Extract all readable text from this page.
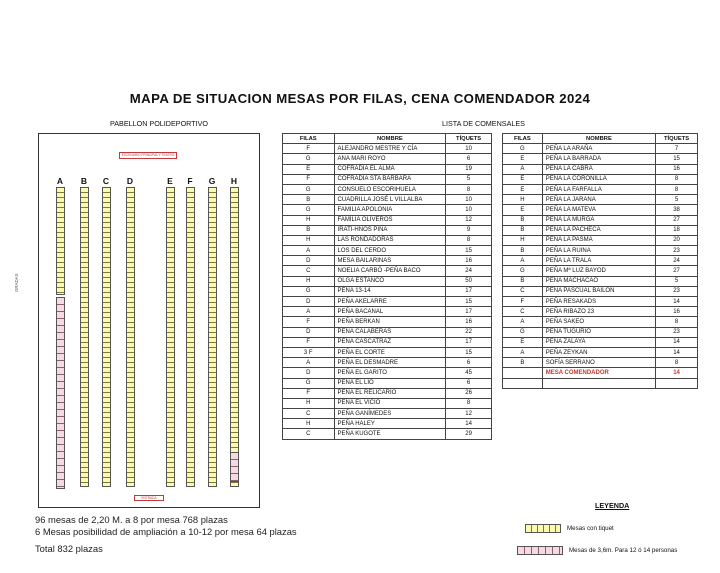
MAPA DE SITUACION MESAS POR FILAS, CENA COMENDADOR 2024
PABELLON POLIDEPORTIVO	LISTA DE COMENSALES
GRADAS
ESCENARIO PRINCIPAL Y TEATRO
ENTRADA
A	B	C	D	E	F	G	H
FILAS	NOMBRE	TÍQUETS
F	ALEJANDRO MESTRE Y CÍA	10
G	ANA MARI ROYO	6
E	COFRADÍA EL ALMA	19
F	COFRADÍA STA BÁRBARA	5
G	CONSUELO ESCORIHUELA	8
B	CUADRILLA JOSÉ L VILLALBA	10
G	FAMILIA APOLONIA	10
H	FAMILIA OLIVEROS	12
B	IRATI-HNOS PINA	9
H	LAS RONDADORAS	8
A	LOS DEL CERDO	15
D	MESA BAILARINAS	16
C	NOELIA CARBÓ -PEÑA BACO	24
H	OLGA ESTANCO	50
G	PEÑA 13-14	17
D	PEÑA AKELARRE	15
A	PEÑA BACANAL	17
F	PEÑA BERKAN	16
D	PEÑA CALABERAS	22
F	PEÑA CASCATRAZ	17
3 F	PEÑA EL CORTE	15
A	PEÑA EL DESMADRE	6
D	PEÑA EL GARITO	45
G	PEÑA EL LÍO	6
F	PEÑA EL RELICARIO	26
H	PEÑA EL VICIO	8
C	PEÑA GANÍMEDES	12
H	PEÑA HALEY	14
C	PEÑA KUGOTE	29
FILAS	NOMBRE	TÍQUETS
G	PEÑA LA ARAÑA	7
E	PEÑA LA BARRADA	15
A	PEÑA LA CABRA	16
E	PEÑA LA CORONILLA	8
E	PEÑA LA FARFALLA	8
H	PEÑA LA JARANA	5
E	PEÑA LA MATEVA	38
B	PEÑA LA MURGA	27
B	PEÑA LA PACHECA	18
H	PEÑA LA PASMA	20
B	PEÑA LA RUINA	23
A	PEÑA LA TRALA	24
G	PEÑA Mª LUZ BAYOD	27
B	PEÑA MACHACAO	5
C	PEÑA PASCUAL BAILÓN	23
F	PEÑA RESAKADS	14
C	PEÑA RIBAZO 23	16
A	PEÑA SAKEO	8
G	PEÑA TUGURIO	23
E	PEÑA ZALAYA	14
A	PEÑA ZEYKAN	14
B	SOFÍA SERRANO	8
	MESA COMENDADOR	14

96 mesas de 2,20 M. a 8 por mesa 768 plazas
6 Mesas posibilidad de ampliación a 10-12 por mesa 64 plazas
Total 832 plazas
LEYENDA
Mesas con tiquet
Mesas de 3,6m. Para 12 ó 14 personas
